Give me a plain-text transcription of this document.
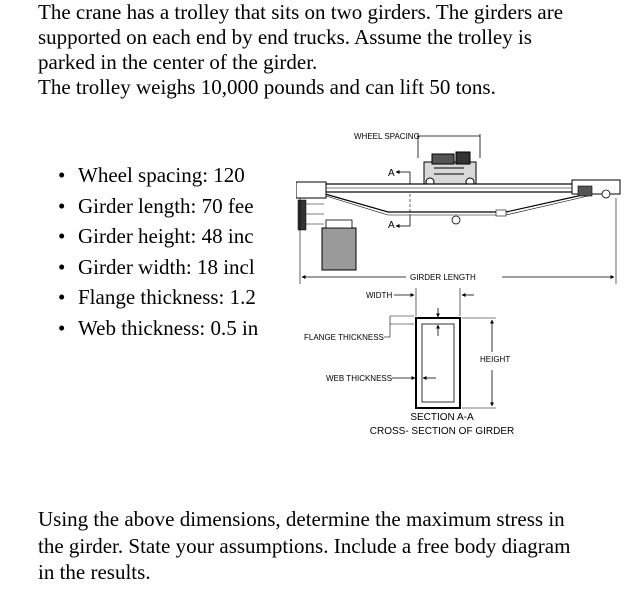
The crane has a trolley that sits on two girders. The girders are

supported on each end by end trucks. Assume the trolley is

parked in the center of the girder.

The trolley weighs 10,000 pounds and can lift 50 tons.

• Wheel spacing: 120
• Girder length: 70 fee
• Girder height: 48 inc
• Girder width: 18 incl
• Flange thickness: 1.2
• Web thickness: 0.5 in
WHEEL SPACING
A
A
GIRDER LENGTH
WIDTH
FLANGE THICKNESS
HEIGHT
WEB THICKNESS
SECTION A-A
CROSS- SECTION OF GIRDER

Using the above dimensions, determine the maximum stress in

the girder. State your assumptions. Include a free body diagram

in the results.
